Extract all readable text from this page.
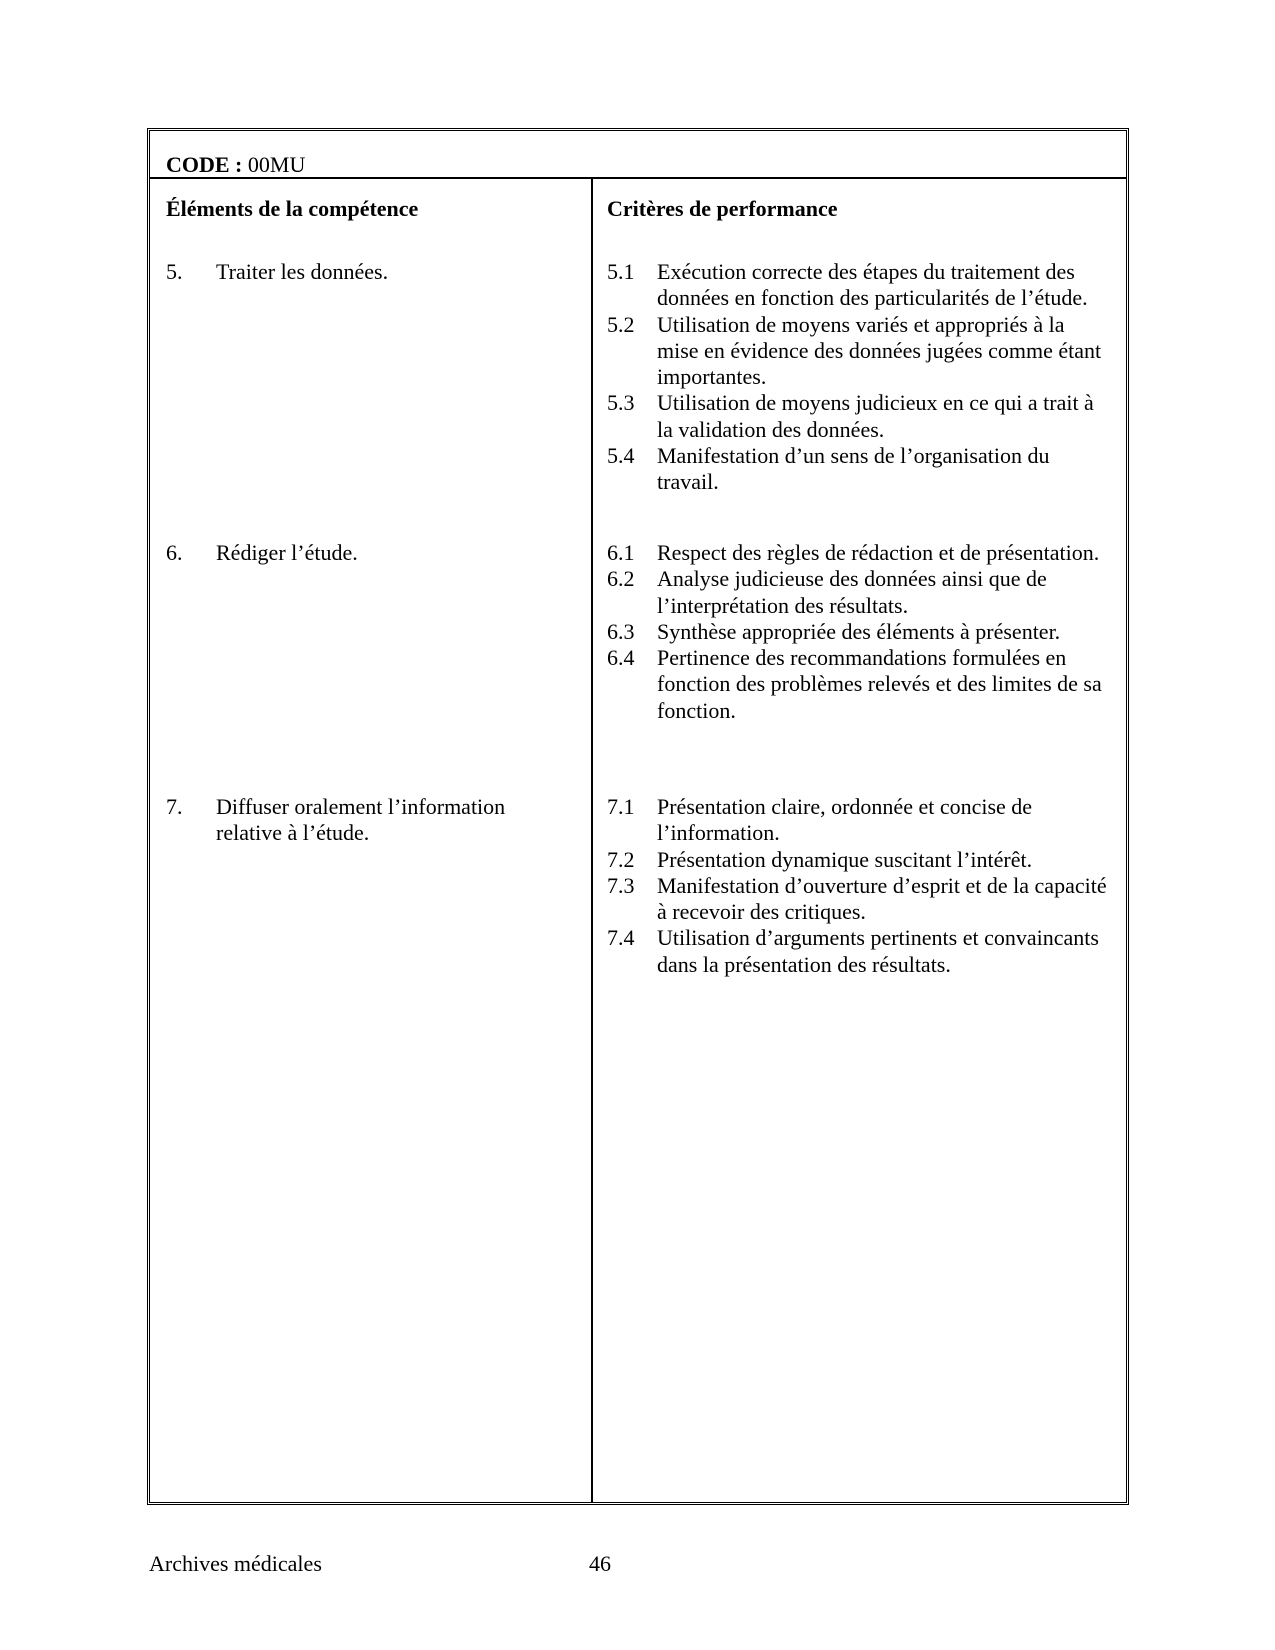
CODE : 00MU
Éléments de la compétence	Critères de performance
5. Traiter les données.	5.1 Exécution correcte des étapes du traitement des données en fonction des particularités de l’étude.
5.2 Utilisation de moyens variés et appropriés à la mise en évidence des données jugées comme étant importantes.
5.3 Utilisation de moyens judicieux en ce qui a trait à la validation des données.
5.4 Manifestation d’un sens de l’organisation du travail.
6. Rédiger l’étude.	6.1 Respect des règles de rédaction et de présentation.
6.2 Analyse judicieuse des données ainsi que de l’interprétation des résultats.
6.3 Synthèse appropriée des éléments à présenter.
6.4 Pertinence des recommandations formulées en fonction des problèmes relevés et des limites de sa fonction.
7. Diffuser oralement l’information relative à l’étude.
7.1 Présentation claire, ordonnée et concise de l’information.
7.2 Présentation dynamique suscitant l’intérêt.
7.3 Manifestation d’ouverture d’esprit et de la capacité à recevoir des critiques.
7.4 Utilisation d’arguments pertinents et convaincants dans la présentation des résultats.
Archives médicales	46
